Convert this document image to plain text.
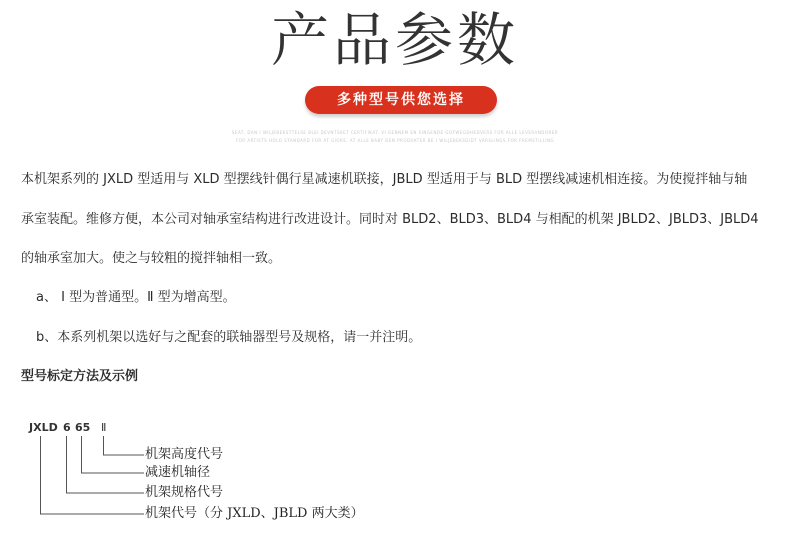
产品参数
多种型号供您选择
SEAT, DAN I WILJEBEKSTTELSE BLEI DEVNTSKET CERTIFIKAT. VI GENNEM EN SINGENDE GOFWEGDHEDVERS FOR ALLE LEVERANDORER
FOR ARTISTS HOLD STANDARD FOR AT GIORE, AT ALLE BABY DEN PRODUKTER BE I WILJEBEKSDIDT VARSLINGS FOR FREMSTILLING
本机架系列的 JXLD 型适用与 XLD 型摆线针偶行星减速机联接，JBLD 型适用于与 BLD 型摆线减速机相连接。为使搅拌轴与轴
承室装配。维修方便，本公司对轴承室结构进行改进设计。同时对 BLD2、BLD3、BLD4 与相配的机架 JBLD2、JBLD3、JBLD4
的轴承室加大。使之与较粗的搅拌轴相一致。
a、 Ⅰ 型为普通型。Ⅱ 型为增高型。
b、本系列机架以选好与之配套的联轴器型号及规格，请一并注明。
型号标定方法及示例
JXLD 6 65 Ⅱ
机架高度代号
减速机轴径
机架规格代号
机架代号（分 JXLD、JBLD 两大类）
